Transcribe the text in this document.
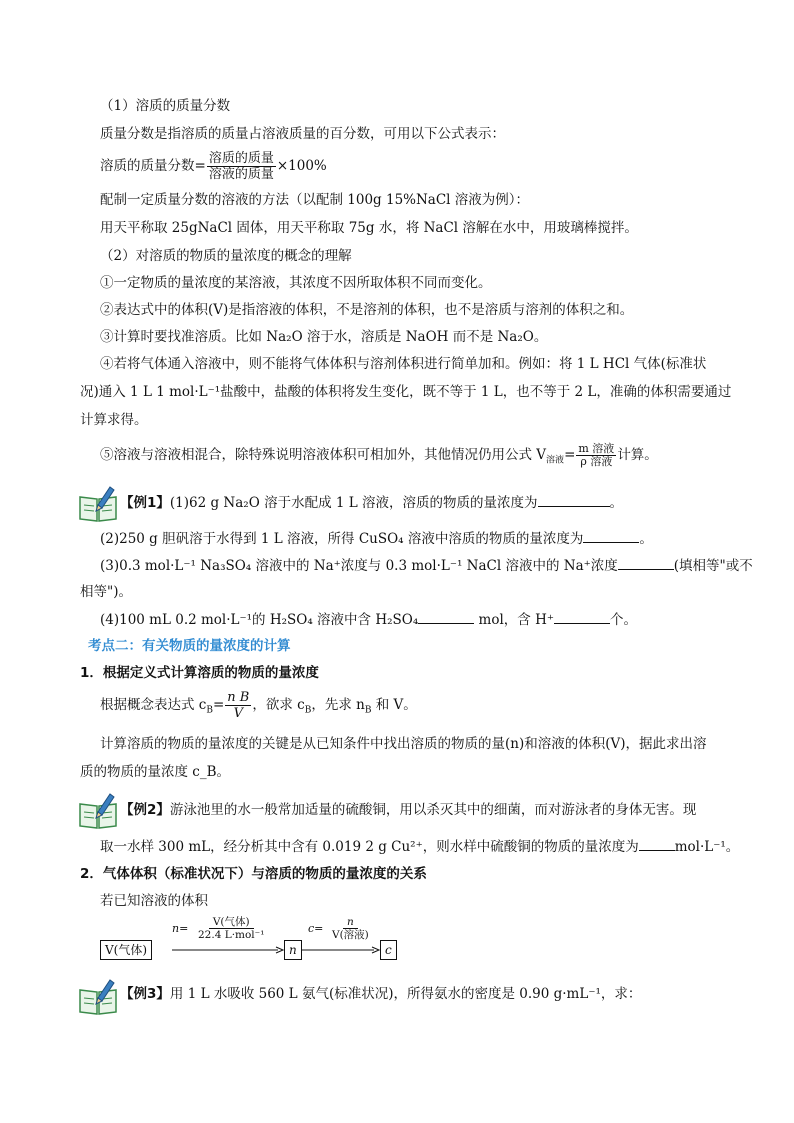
（1）溶质的质量分数
质量分数是指溶质的质量占溶液质量的百分数，可用以下公式表示：
溶质的质量分数= $\frac{\text{溶质的质量}}{\text{溶液的质量}} \times 100\%$
配制一定质量分数的溶液的方法（以配制 100g 15%NaCl 溶液为例）：
用天平称取 25gNaCl 固体，用天平称取 75g 水，将 NaCl 溶解在水中，用玻璃棒搅拌。
（2）对溶质的物质的量浓度的概念的理解
①一定物质的量浓度的某溶液，其浓度不因所取体积不同而变化。
②表达式中的体积(V)是指溶液的体积，不是溶剂的体积，也不是溶质与溶剂的体积之和。
③计算时要找准溶质。比如 Na₂O 溶于水，溶质是 NaOH 而不是 Na₂O。
④若将气体通入溶液中，则不能将气体体积与溶剂体积进行简单加和。例如：将 1 L HCl 气体(标准状
况)通入 1 L 1 mol·L⁻¹盐酸中，盐酸的体积将发生变化，既不等于 1 L，也不等于 2 L，准确的体积需要通过
计算求得。
⑤溶液与溶液相混合，除特殊说明溶液体积可相加外，其他情况仍用公式 $V_{溶液}= \frac{\text{m 溶液}}{\text{ρ 溶液}}$ 计算。
【例1】(1)62 g Na₂O 溶于水配成 1 L 溶液，溶质的物质的量浓度为	。
(2)250 g 胆矾溶于水得到 1 L 溶液，所得 CuSO₄ 溶液中溶质的物质的量浓度为	。
(3)0.3 mol·L⁻¹ Na₃SO₄ 溶液中的 Na⁺浓度与 0.3 mol·L⁻¹ NaCl 溶液中的 Na⁺浓度	(填相等"或不
相等")。
(4)100 mL 0.2 mol·L⁻¹的 H₂SO₄ 溶液中含 H₂SO₄	mol，含 H⁺	个。
考点二：有关物质的量浓度的计算
1．根据定义式计算溶质的物质的量浓度
根据概念表达式 $c_B= \frac{\text{n B}}{V}$ ，欲求 $c_B$，先求 $n_B$ 和 V。
计算溶质的物质的量浓度的关键是从已知条件中找出溶质的物质的量(n)和溶液的体积(V)，据此求出溶
质的物质的量浓度 c_B。
【例2】游泳池里的水一般常加适量的硫酸铜，用以杀灭其中的细菌，而对游泳者的身体无害。现
取一水样 300 mL，经分析其中含有 0.019 2 g Cu²⁺，则水样中硫酸铜的物质的量浓度为	mol·L⁻¹。
2．气体体积（标准状况下）与溶质的物质的量浓度的关系
若已知溶液的体积
V(气体)
n=	V(气体)
22.4 L·mol⁻¹
n
c=	n
V(溶液)
c
【例3】用 1 L 水吸收 560 L 氨气(标准状况)，所得氨水的密度是 0.90 g·mL⁻¹，求：
